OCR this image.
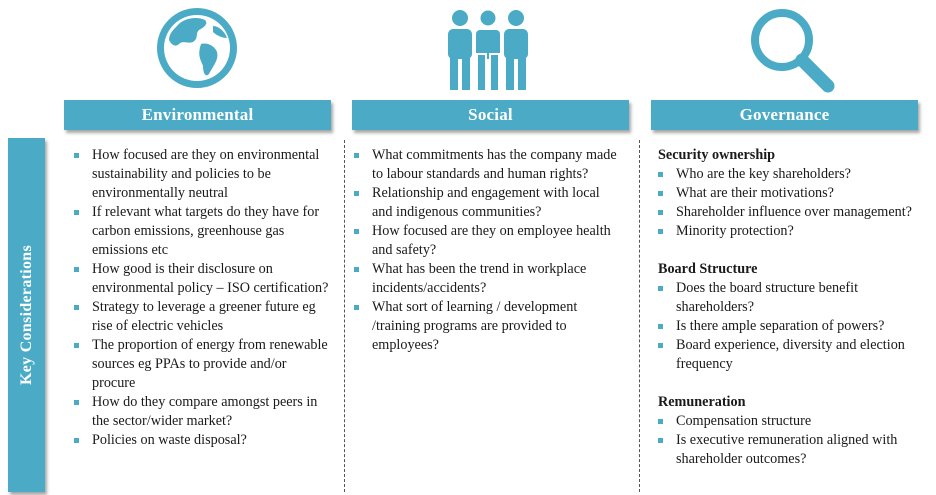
Environmental	Social	Governance
Key Considerations
How focused are they on environmental sustainability and policies to be environmentally neutral
If relevant what targets do they have for carbon emissions, greenhouse gas emissions etc
How good is their disclosure on environmental policy – ISO certification?
Strategy to leverage a greener future eg rise of electric vehicles
The proportion of energy from renewable sources eg PPAs to provide and/or procure
How do they compare amongst peers in the sector/wider market?
Policies on waste disposal?
What commitments has the company made to labour standards and human rights?
Relationship and engagement with local and indigenous communities?
How focused are they on employee health and safety?
What has been the trend in workplace incidents/accidents?
What sort of learning / development /training programs are provided to employees?
Security ownership
Who are the key shareholders?
What are their motivations?
Shareholder influence over management?
Minority protection?
Board Structure
Does the board structure benefit shareholders?
Is there ample separation of powers?
Board experience, diversity and election frequency
Remuneration
Compensation structure
Is executive remuneration aligned with shareholder outcomes?
